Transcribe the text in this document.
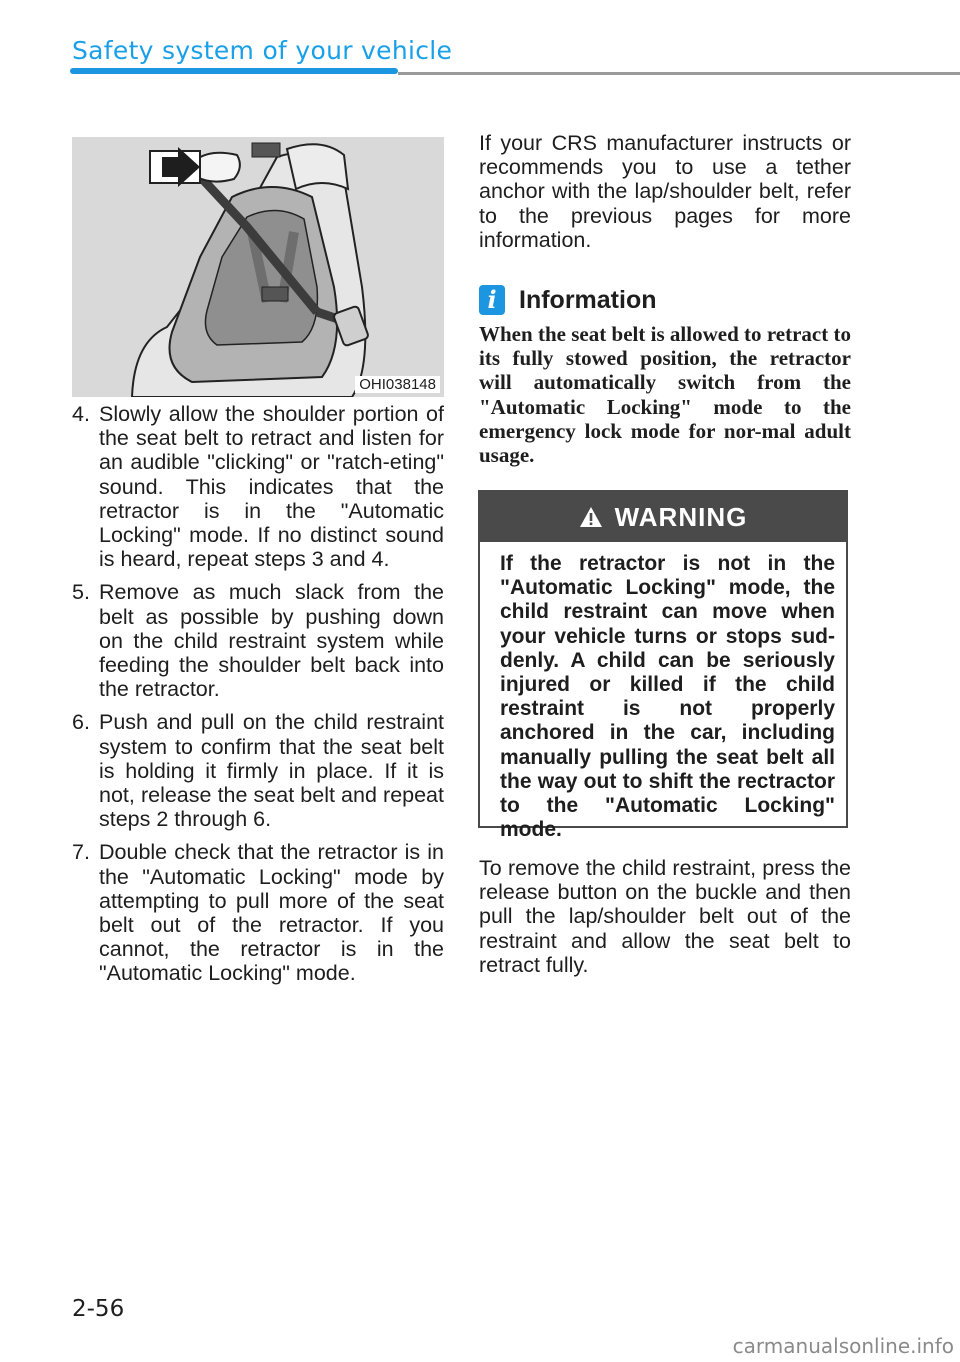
Safety system of your vehicle
OHI038148
4. Slowly allow the shoulder portion of the seat belt to retract and listen for an audible "clicking" or "ratch-eting" sound. This indicates that the retractor is in the "Automatic Locking" mode. If no distinct sound is heard, repeat steps 3 and 4.
5. Remove as much slack from the belt as possible by pushing down on the child restraint system while feeding the shoulder belt back into the retractor.
6. Push and pull on the child restraint system to confirm that the seat belt is holding it firmly in place. If it is not, release the seat belt and repeat steps 2 through 6.
7. Double check that the retractor is in the "Automatic Locking" mode by attempting to pull more of the seat belt out of the retractor. If you cannot, the retractor is in the "Automatic Locking" mode.

If your CRS manufacturer instructs or recommends you to use a tether anchor with the lap/shoulder belt, refer to the previous pages for more information.

i Information
When the seat belt is allowed to retract to its fully stowed position, the retractor will automatically switch from the "Automatic Locking" mode to the emergency lock mode for nor-mal adult usage.
WARNING
If the retractor is not in the "Automatic Locking" mode, the child restraint can move when your vehicle turns or stops sud-denly. A child can be seriously injured or killed if the child restraint is not properly anchored in the car, including manually pulling the seat belt all the way out to shift the rectractor to the "Automatic Locking" mode.

To remove the child restraint, press the release button on the buckle and then pull the lap/shoulder belt out of the restraint and allow the seat belt to retract fully.

2-56
carmanualsonline.info
